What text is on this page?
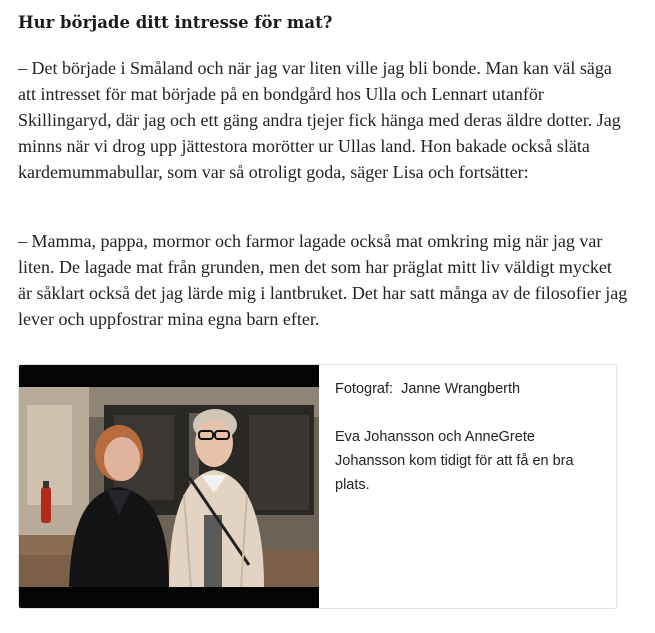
Hur började ditt intresse för mat?

– Det började i Småland och när jag var liten ville jag bli bonde. Man kan väl säga att intresset för mat började på en bondgård hos Ulla och Lennart utanför Skillingaryd, där jag och ett gäng andra tjejer fick hänga med deras äldre dotter. Jag minns när vi drog upp jättestora morötter ur Ullas land. Hon bakade också släta kardemummabullar, som var så otroligt goda, säger Lisa och fortsätter:

– Mamma, pappa, mormor och farmor lagade också mat omkring mig när jag var liten. De lagade mat från grunden, men det som har präglat mitt liv väldigt mycket är såklart också det jag lärde mig i lantbruket. Det har satt många av de filosofier jag lever och uppfostrar mina egna barn efter.

Fotograf: Janne Wrangberth

Eva Johansson och AnneGrete Johansson kom tidigt för att få en bra plats.
